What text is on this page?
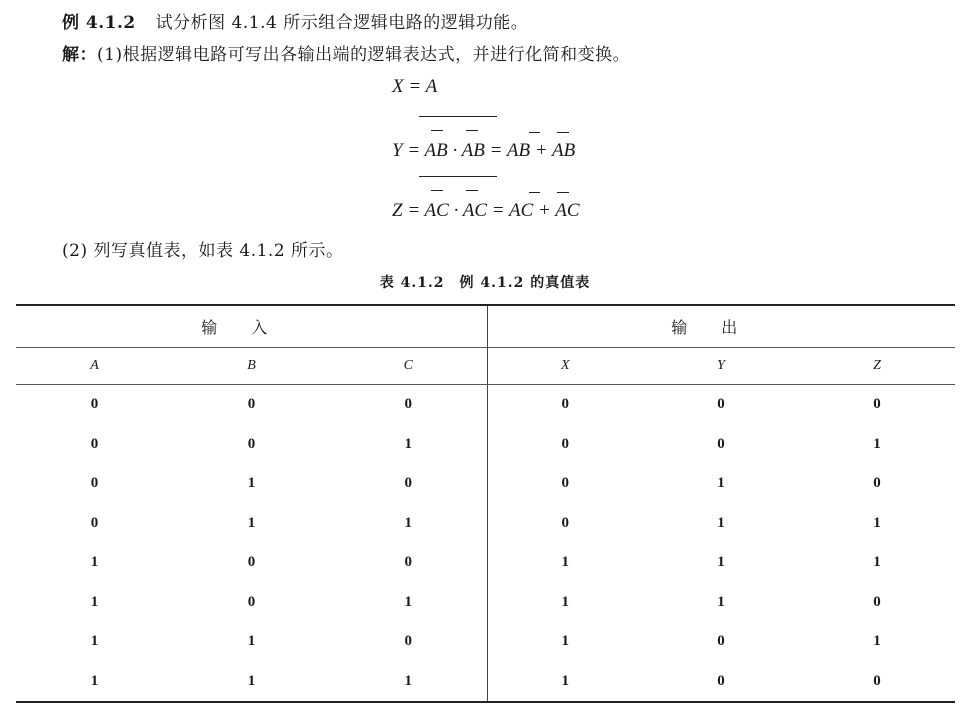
例 4.1.2 试分析图 4.1.4 所示组合逻辑电路的逻辑功能。
解：(1)根据逻辑电路可写出各输出端的逻辑表达式，并进行化简和变换。
X = A
Y = AB · AB = AB + AB
Z = AC · AC = AC + AC
(2) 列写真值表，如表 4.1.2 所示。
表 4.1.2　例 4.1.2 的真值表
输入			输出		
A	B	C	X	Y	Z
0	0	0	0	0	0
0	0	1	0	0	1
0	1	0	0	1	0
0	1	1	0	1	1
1	0	0	1	1	1
1	0	1	1	1	0
1	1	0	1	0	1
1	1	1	1	0	0
